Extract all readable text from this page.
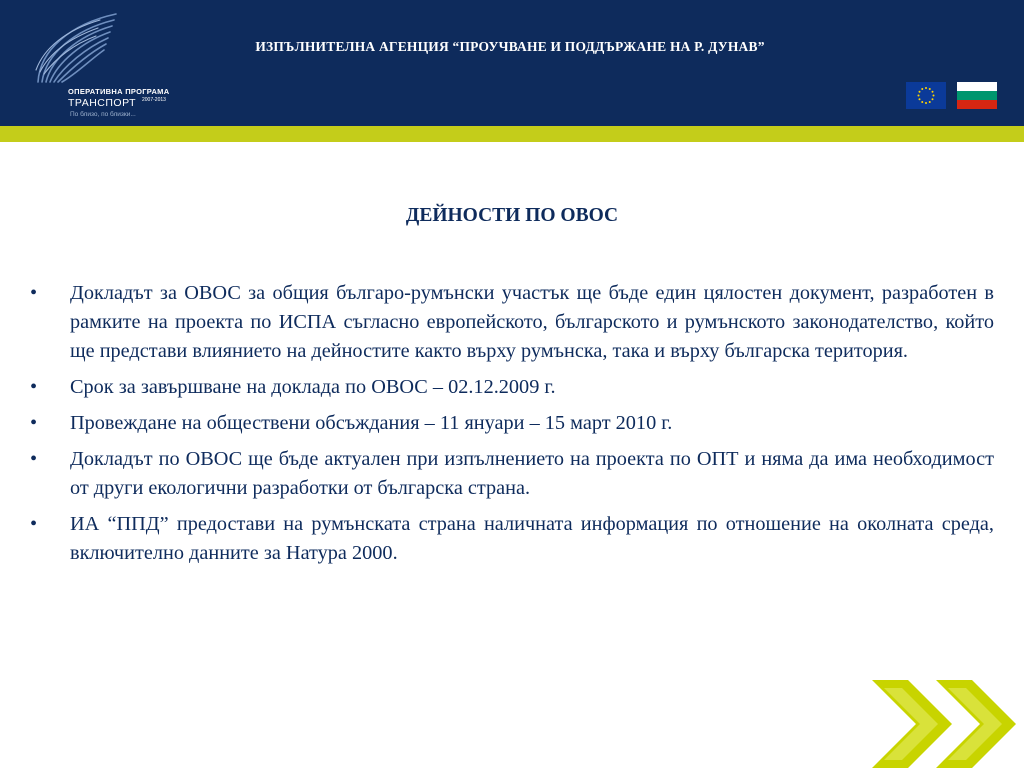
ОПЕРАТИВНА ПРОГРАМА
ТРАНСПОРТ 2007-2013
По близо, по близки...
ИЗПЪЛНИТЕЛНА АГЕНЦИЯ “ПРОУЧВАНЕ И ПОДДЪРЖАНЕ НА Р. ДУНАВ”
ДЕЙНОСТИ ПО ОВОС
• Докладът за ОВОС за общия българо-румънски участък ще бъде един цялостен документ, разработен в рамките на проекта по ИСПА съгласно европейското, българското и румънското законодателство, който ще представи влиянието на дейностите както върху румънска, така и върху българска територия.
• Срок за завършване на доклада по ОВОС – 02.12.2009 г.
• Провеждане на обществени обсъждания – 11 януари – 15 март 2010 г.
• Докладът по ОВОС ще бъде актуален при изпълнението на проекта по ОПТ и няма да има необходимост от други екологични разработки от българска страна.
• ИА “ППД” предостави на румънската страна наличната информация по отношение на околната среда, включително данните за Натура 2000.
